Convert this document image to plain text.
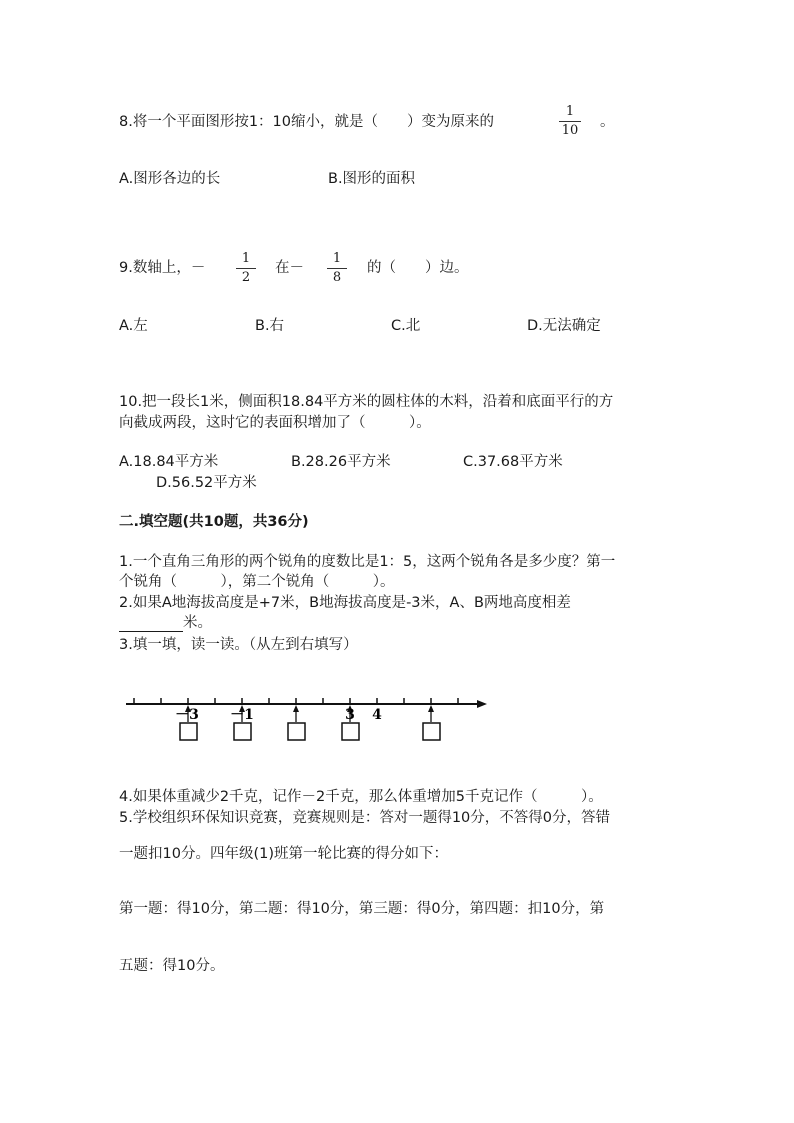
8.将一个平面图形按1：10缩小，就是（　　）变为原来的
1
10
。
A.图形各边的长	B.图形的面积
9.数轴上，－
1
2
在－
1
8
的（　　）边。
A.左	B.右	C.北	D.无法确定
10.把一段长1米，侧面积18.84平方米的圆柱体的木料，沿着和底面平行的方
向截成两段，这时它的表面积增加了（　　　）。
A.18.84平方米	B.28.26平方米	C.37.68平方米
D.56.52平方米
二.填空题(共10题，共36分)
1.一个直角三角形的两个锐角的度数比是1：5，这两个锐角各是多少度？第一
个锐角（　　　），第二个锐角（　　　）。
2.如果A地海拔高度是+7米，B地海拔高度是-3米，A、B两地高度相差
米。
3.填一填，读一读。（从左到右填写）
－3 －1	3 4
4.如果体重减少2千克，记作－2千克，那么体重增加5千克记作（　　　）。
5.学校组织环保知识竞赛，竞赛规则是：答对一题得10分，不答得0分，答错
一题扣10分。四年级(1)班第一轮比赛的得分如下：
第一题：得10分，第二题：得10分，第三题：得0分，第四题：扣10分，第
五题：得10分。
